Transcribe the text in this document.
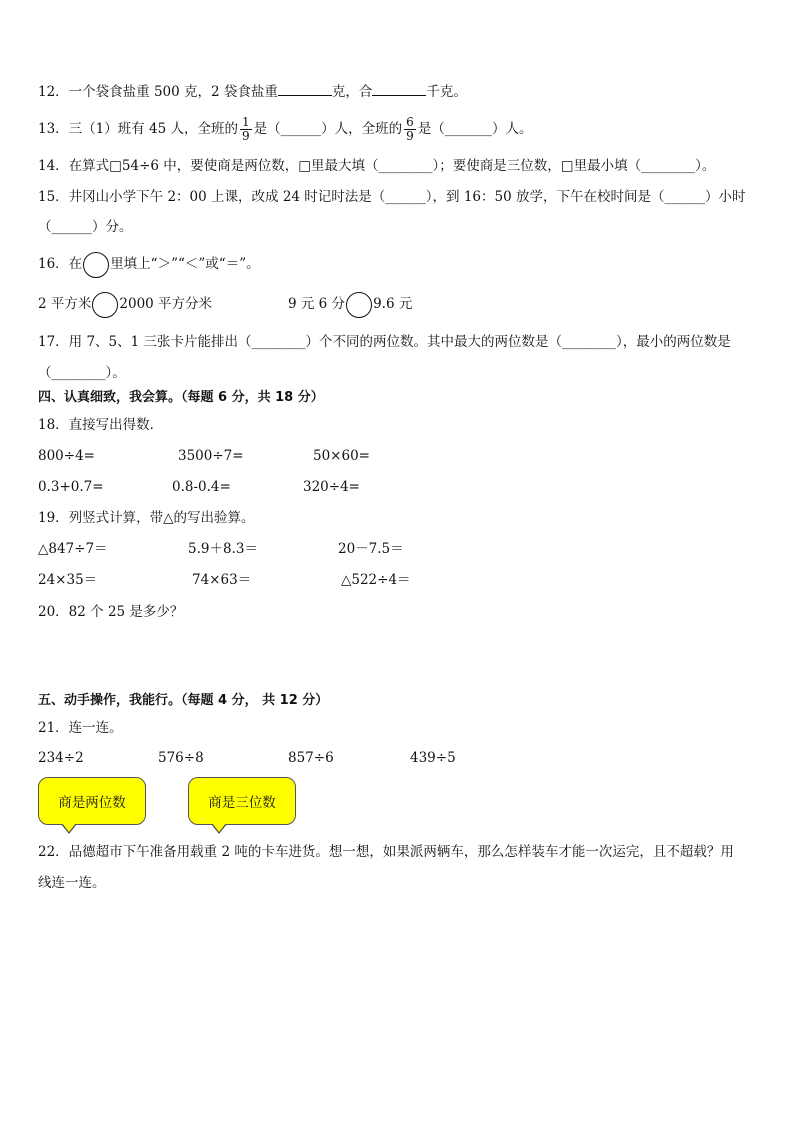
12．一个袋食盐重 500 克，2 袋食盐重	克，合	千克。
13．三（1）班有 45 人，全班的 $\frac{1}{9}$ 是（______）人，全班的 $\frac{6}{9}$ 是（_______）人。
14．在算式□54÷6 中，要使商是两位数，□里最大填（________）；要使商是三位数，□里最小填（________）。
15．井冈山小学下午 2：00 上课，改成 24 时记时法是（______），到 16：50 放学，下午在校时间是（______）小时
（______）分。
16．在 里填上“＞”“＜”或“＝”。
2 平方米 2000 平方分米	9 元 6 分 9.6 元
17．用 7、5、1 三张卡片能排出（________）个不同的两位数。其中最大的两位数是（________），最小的两位数是
（________）。
四、认真细致，我会算。（每题 6 分，共 18 分）
18．直接写出得数．
800÷4=	3500÷7=	50×60=
0.3+0.7=	0.8-0.4=	320÷4=
19．列竖式计算，带△的写出验算。
△847÷7＝	5.9＋8.3＝	20－7.5＝
24×35＝	74×63＝	△522÷4＝
20．82 个 25 是多少？
五、动手操作，我能行。（每题 4 分， 共 12 分）
21．连一连。
234÷2	576÷8	857÷6	439÷5
商是两位数	商是三位数
22．品德超市下午准备用载重 2 吨的卡车进货。想一想，如果派两辆车，那么怎样装车才能一次运完，且不超载？用
线连一连。
